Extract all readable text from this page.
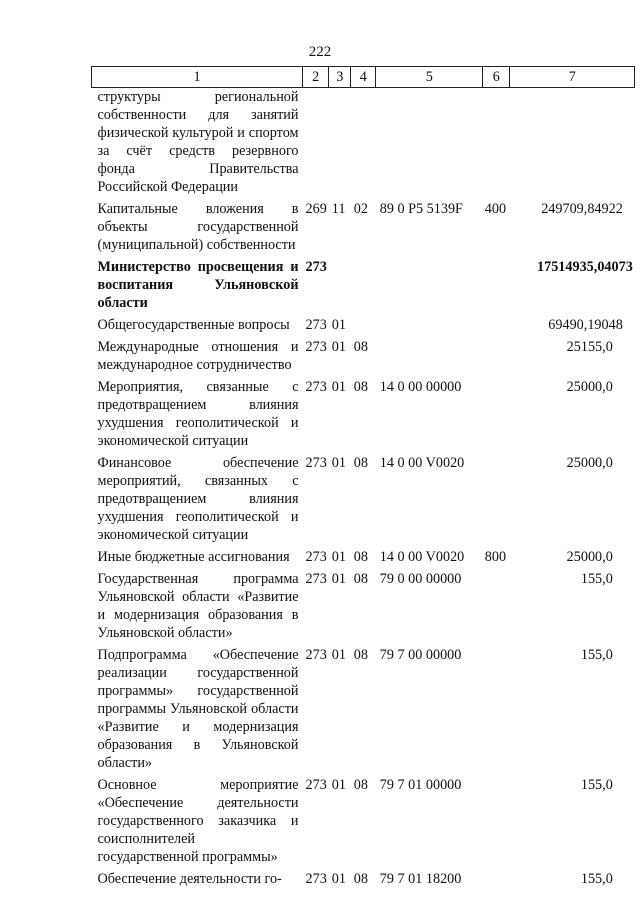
222
1	2	3	4	5	6	7
структуры региональной собственности для занятий физической культурой и спортом за счёт средств резервного фонда Правительства Российской Федерации						
Капитальные вложения в объекты государственной (муниципальной) собственности	269	11	02	89 0 P5 5139F	400	249709,84922
Министерство просвещения и воспитания Ульяновской области	273					17514935,04073
Общегосударственные вопросы	273	01				69490,19048
Международные отношения и международное сотрудничество	273	01	08			25155,0
Мероприятия, связанные с предотвращением влияния ухудшения геополитической и экономической ситуации	273	01	08	14 0 00 00000		25000,0
Финансовое обеспечение мероприятий, связанных с предотвращением влияния ухудшения геополитической и экономической ситуации	273	01	08	14 0 00 V0020		25000,0
Иные бюджетные ассигнования	273	01	08	14 0 00 V0020	800	25000,0
Государственная программа Ульяновской области «Развитие и модернизация образования в Ульяновской области»	273	01	08	79 0 00 00000		155,0
Подпрограмма «Обеспечение реализации государственной программы» государственной программы Ульяновской области «Развитие и модернизация образования в Ульяновской области»	273	01	08	79 7 00 00000		155,0
Основное мероприятие «Обеспечение деятельности государственного заказчика и соисполнителей государственной программы»	273	01	08	79 7 01 00000		155,0
Обеспечение деятельности го-	273	01	08	79 7 01 18200		155,0
